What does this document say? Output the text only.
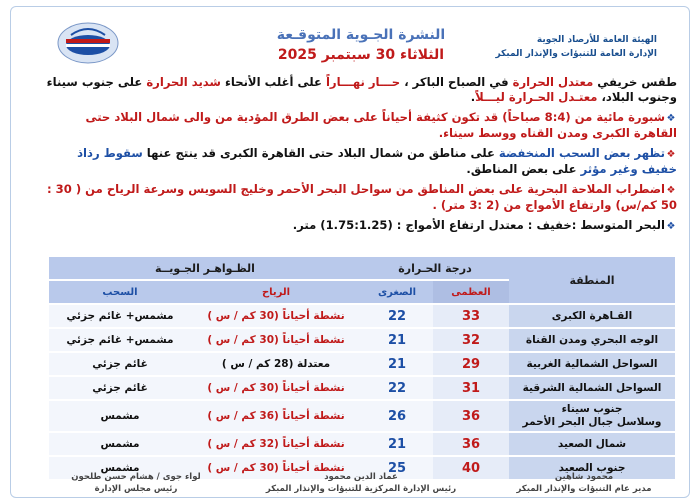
الهيئة العامة للأرصاد الجوية
الإدارة العامة للتنبؤات والإنذار المبكر
النشرة الجـوية المتوقـعة
الثلاثاء 30 سبتمبر 2025
طقس خريفي معتدل الحرارة في الصباح الباكر ، حـــار نهـــاراً على أغلب الأنحاء شديد الحرارة على جنوب سيناء وجنوب البلاد، معتـدل الحـرارة ليـــلاً.
❖شبورة مائية من (8:4 صباحاً) قد تكون كثيفة أحياناً على بعض الطرق المؤدية من والى شمال البلاد حتى القاهرة الكبرى ومدن القناه ووسط سيناء.
❖تظهر بعض السحب المنخفضة على مناطق من شمال البلاد حتى القاهرة الكبرى قد ينتج عنها سقوط رذاذ خفيف وغير مؤثر على بعض المناطق.
❖اضطراب الملاحة البحرية على بعض المناطق من سواحل البحر الأحمر وخليج السويس وسرعة الرياح من ( 30 : 50 كم/س) وارتفاع الأمواج من (2 :3 متر) .
❖البحر المتوسط :خفيف : معتدل ارتفاع الأمواج : (1.75:1.25) متر.
المنطقة	درجة الحـرارة		الظـواهـر الجـويــة	
	العظمى	الصغرى	الرياح	السحب
القـاهرة الكبرى	33	22	نشطة أحياناً (30 كم / س )	مشمس+ غائم جزئي
الوجه البحري ومدن القناة	32	21	نشطة أحياناً (30 كم / س )	مشمس+ غائم جزئي
السواحل الشمالية الغربية	29	21	معتدلة (28 كم / س )	غائم جزئي
السواحل الشمالية الشرقية	31	22	نشطة أحياناً (30 كم / س )	غائم جزئي
جنوب سيناء
وسلاسل جبال البحر الأحمر	36	26	نشطة أحياناً (36 كم / س )	مشمس
شمال الصعيد	36	21	نشطة أحياناً (32 كم / س )	مشمس
جنوب الصعيد	40	25	نشطة أحياناً (30 كم / س )	مشمس
محمود شاهين
مدير عام التنبؤات والإنذار المبكر
عماد الدين محمود
رئيس الإدارة المركزية للتنبؤات والإنذار المبكر
لواء جوى / هشام حسن طلحون
رئيس مجلس الإدارة
